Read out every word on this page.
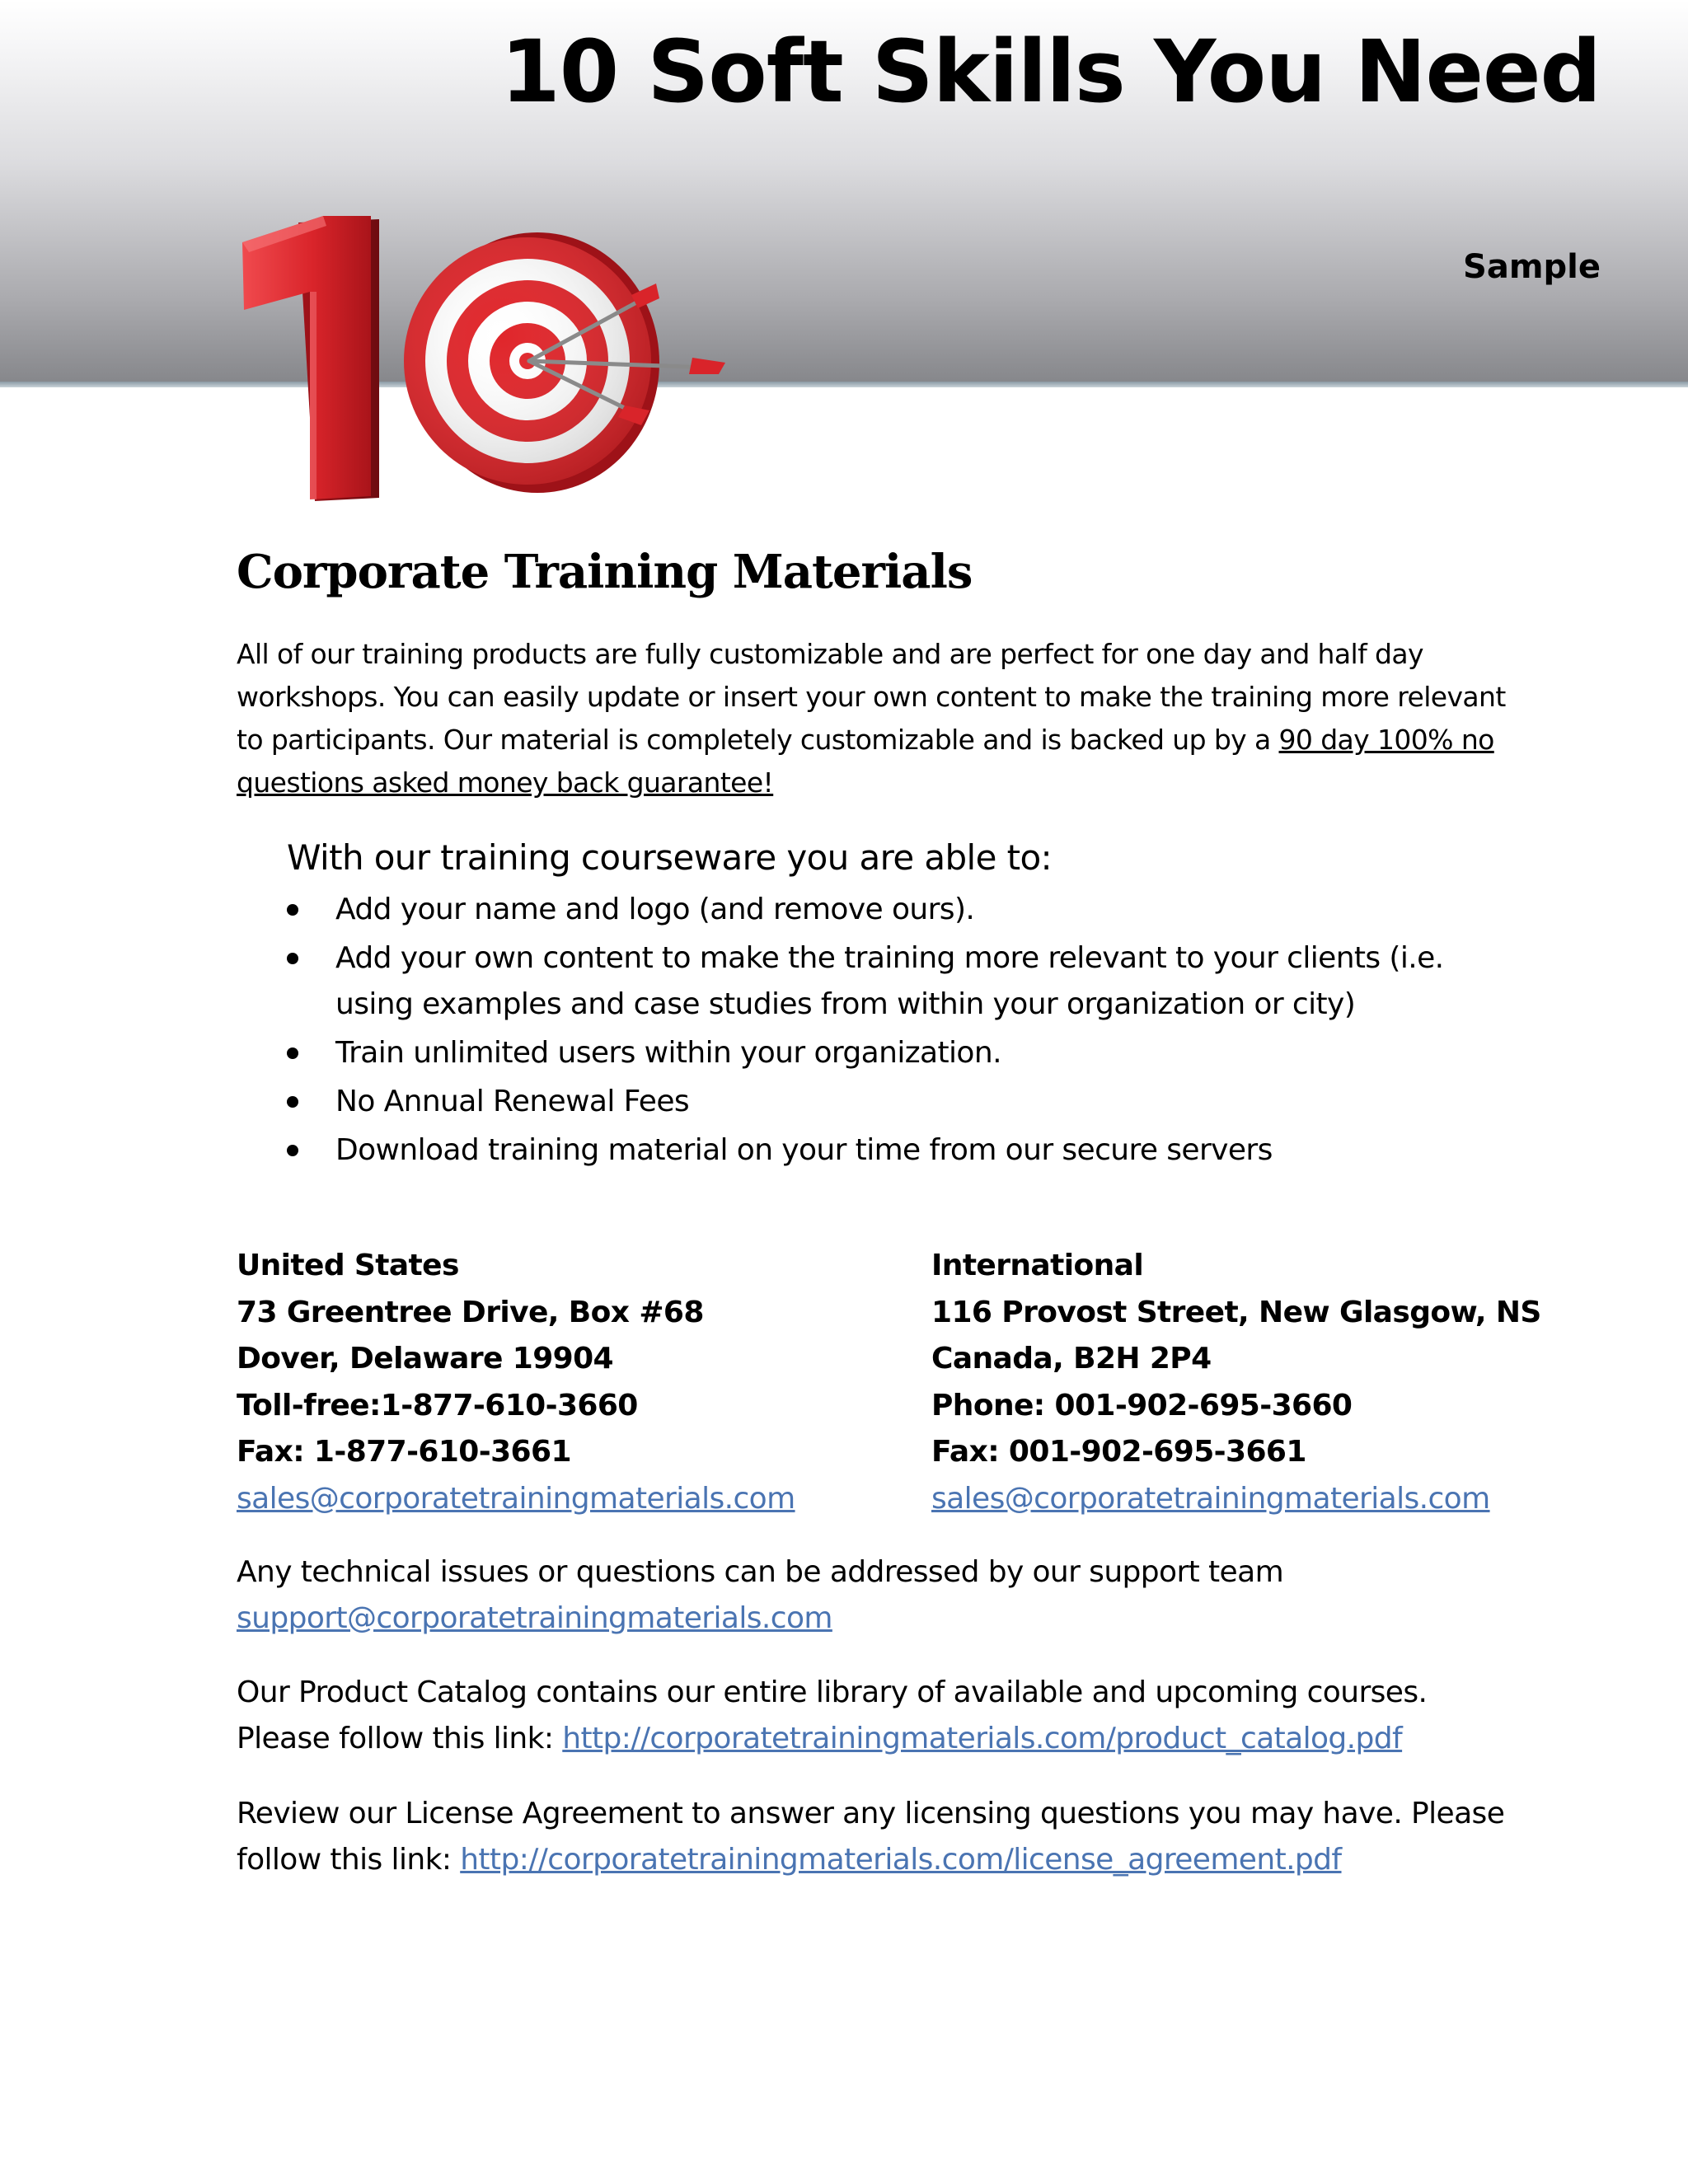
10 Soft Skills You Need
Sample
Corporate Training Materials

All of our training products are fully customizable and are perfect for one day and half day workshops. You can easily update or insert your own content to make the training more relevant to participants. Our material is completely customizable and is backed up by a 90 day 100% no questions asked money back guarantee!

With our training courseware you are able to:
Add your name and logo (and remove ours).
Add your own content to make the training more relevant to your clients (i.e. using examples and case studies from within your organization or city)
Train unlimited users within your organization.
No Annual Renewal Fees
Download training material on your time from our secure servers
United States
73 Greentree Drive, Box #68
Dover, Delaware 19904
Toll-free:1-877-610-3660
Fax: 1-877-610-3661
sales@corporatetrainingmaterials.com
International
116 Provost Street, New Glasgow, NS
Canada, B2H 2P4
Phone: 001-902-695-3660
Fax: 001-902-695-3661
sales@corporatetrainingmaterials.com

Any technical issues or questions can be addressed by our support team
support@corporatetrainingmaterials.com

Our Product Catalog contains our entire library of available and upcoming courses. Please follow this link: http://corporatetrainingmaterials.com/product_catalog.pdf

Review our License Agreement to answer any licensing questions you may have. Please follow this link: http://corporatetrainingmaterials.com/license_agreement.pdf
